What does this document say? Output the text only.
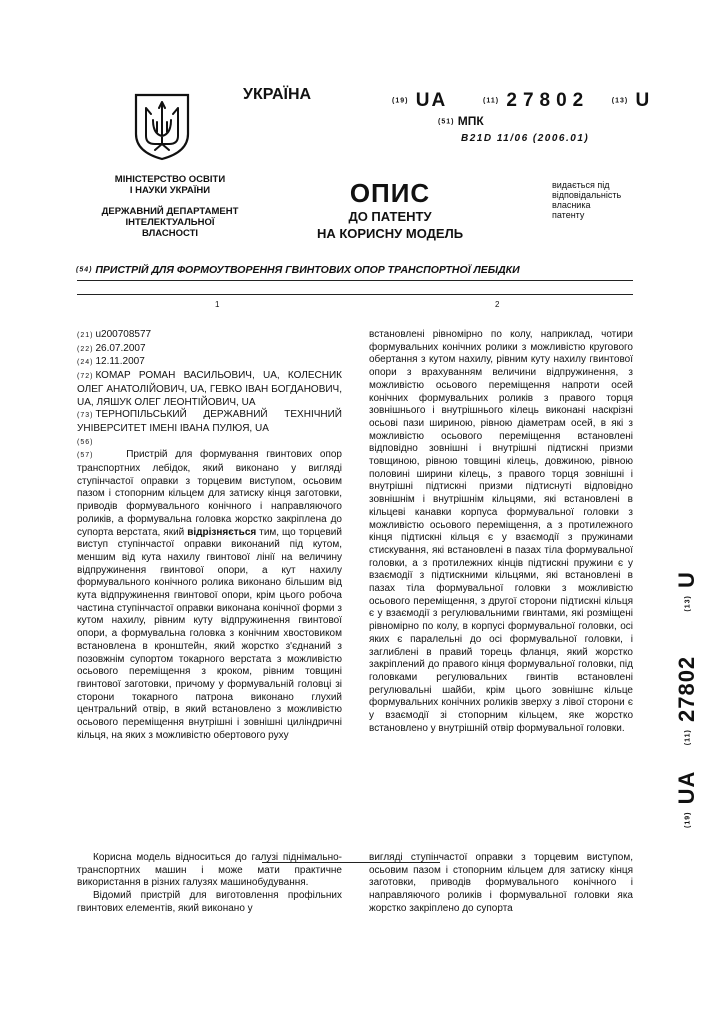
МІНІСТЕРСТВО ОСВІТИ
І НАУКИ УКРАЇНИ
ДЕРЖАВНИЙ ДЕПАРТАМЕНТ
ІНТЕЛЕКТУАЛЬНОЇ
ВЛАСНОСТІ
УКРАЇНА	(19) UA	(11) 27802	(13) U
(51) МПК
B21D 11/06 (2006.01)
ОПИС
ДО ПАТЕНТУ
НА КОРИСНУ МОДЕЛЬ
видається під
відповідальність
власника
патенту
(54) ПРИСТРІЙ ДЛЯ ФОРМОУТВОРЕННЯ ГВИНТОВИХ ОПОР ТРАНСПОРТНОЇ ЛЕБІДКИ
1	2

(21) u200708577

(22) 26.07.2007

(24) 12.11.2007

(72) КОМАР РОМАН ВАСИЛЬОВИЧ, UA, КОЛЕСНИК ОЛЕГ АНАТОЛІЙОВИЧ, UA, ГЕВКО ІВАН БОГДАНОВИЧ, UA, ЛЯШУК ОЛЕГ ЛЕОНТІЙОВИЧ, UA

(73) ТЕРНОПІЛЬСЬКИЙ ДЕРЖАВНИЙ ТЕХНІЧНИЙ УНІВЕРСИТЕТ ІМЕНІ ІВАНА ПУЛЮЯ, UA

(56)

(57)	Пристрій для формування гвинтових опор транспортних лебідок, який виконано у вигляді ступінчастої оправки з торцевим виступом, осьовим пазом і стопорним кільцем для затиску кінця заготовки, приводів формувального конічного і направляючого роликів, а формувальна головка жорстко закріплена до супорта верстата, який відрізняється тим, що торцевий виступ ступінчастої оправки виконаний під кутом, меншим від кута нахилу гвинтової лінії на величину відпружинення гвинтової опори, а кут нахилу формувального конічного ролика виконано більшим від кута відпружинення гвинтової опори, крім цього робоча частина ступінчастої оправки виконана конічної форми з кутом нахилу, рівним куту відпружинення гвинтової опори, а формувальна головка з конічним хвостовиком встановлена в кронштейн, який жорстко з'єднаний з позовжнім супортом токарного верстата з можливістю осьового переміщення з кроком, рівним товщині гвинтової заготовки, причому у формувальній головці зі сторони токарного патрона виконано глухий центральний отвір, в який встановлено з можливістю осьового переміщення внутрішні і зовнішні циліндричні кільця, на яких з можливістю обертового руху

встановлені рівномірно по колу, наприклад, чотири формувальних конічних ролики з можливістю кругового обертання з кутом нахилу, рівним куту нахилу гвинтової опори з врахуванням величини відпружинення, з можливістю осьового переміщення напроти осей конічних формувальних роликів з правого торця зовнішнього і внутрішнього кілець виконані наскрізні осьові пази шириною, рівною діаметрам осей, в які з можливістю осьового переміщення встановлені відповідно зовнішні і внутрішні підтискні призми товщиною, рівною товщині кілець, довжиною, рівною половині ширини кілець, з правого торця зовнішні і внутрішні підтискні призми підтиснуті відповідно зовнішнім і внутрішнім кільцями, які встановлені в кільцеві канавки корпуса формувальної головки з можливістю осьового переміщення, а з протилежного кінця підтискні кільця є у взаємодії з пружинами стискування, які встановлені в пазах тіла формувальної головки, а з протилежних кінців підтискні пружини є у взаємодії з підтискними кільцями, які встановлені в пазах тіла формувальної головки з можливістю осьового переміщення, з другої сторони підтискні кільця є у взаємодії з регулювальними гвинтами, які розміщені рівномірно по колу, в корпусі формувальної головки, осі яких є паралельні до осі формувальної головки, і заглиблені в правий торець фланця, який жорстко закріплений до правого кінця формувальної головки, під головками регулювальних гвинтів встановлені регулювальні шайби, крім цього зовнішнє кільце формувальних конічних роликів зверху з лівої сторони є у взаємодії зі стопорним кільцем, яке жорстко встановлено у внутрішній отвір формувальної головки.

Корисна модель відноситься до галузі піднімально-транспортних машин і може мати практичне використання в різних галузях машинобудування.

Відомий пристрій для виготовлення профільних гвинтових елементів, який виконано у

вигляді ступінчастої оправки з торцевим виступом, осьовим пазом і стопорним кільцем для затиску кінця заготовки, приводів формувального конічного і направляючого роликів і формувальної головки яка жорстко закріплено до супорта

(19) UA  (11) 27802  (13) U
